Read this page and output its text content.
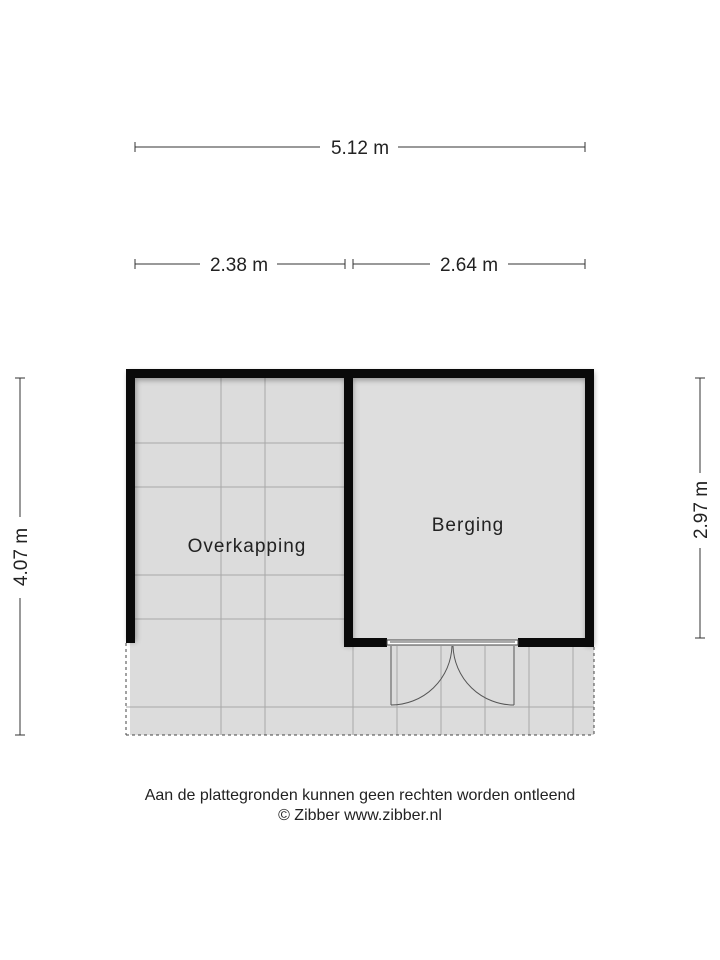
5.12 m
2.38 m	2.64 m
4.07 m
2.97 m
Overkapping
Berging
Aan de plattegronden kunnen geen rechten worden ontleend
© Zibber www.zibber.nl
